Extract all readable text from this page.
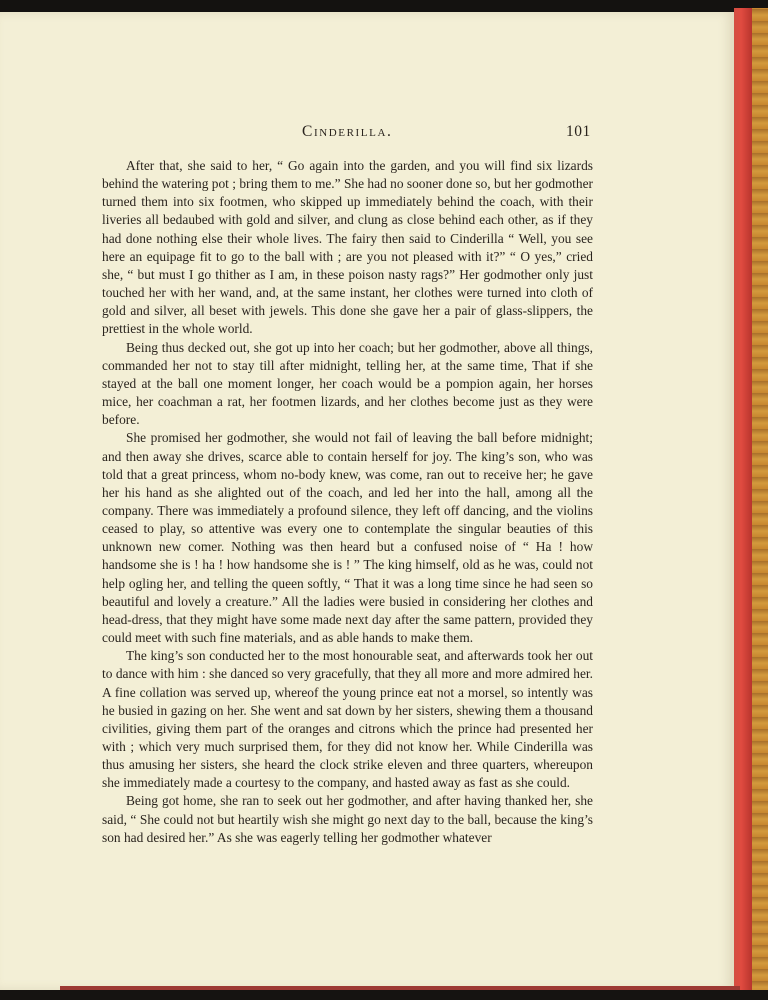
Cinderilla.	101

After that, she said to her, “ Go again into the garden, and you will find six lizards behind the watering pot ; bring them to me.” She had no sooner done so, but her godmother turned them into six footmen, who skipped up immediately behind the coach, with their liveries all bedaubed with gold and silver, and clung as close behind each other, as if they had done nothing else their whole lives. The fairy then said to Cinderilla “ Well, you see here an equipage fit to go to the ball with ; are you not pleased with it?” “ O yes,” cried she, “ but must I go thither as I am, in these poison nasty rags?” Her godmother only just touched her with her wand, and, at the same instant, her clothes were turned into cloth of gold and silver, all beset with jewels. This done she gave her a pair of glass-slippers, the prettiest in the whole world.

Being thus decked out, she got up into her coach; but her godmother, above all things, commanded her not to stay till after midnight, telling her, at the same time, That if she stayed at the ball one moment longer, her coach would be a pompion again, her horses mice, her coachman a rat, her footmen lizards, and her clothes become just as they were before.

She promised her godmother, she would not fail of leaving the ball before midnight; and then away she drives, scarce able to contain herself for joy. The king’s son, who was told that a great princess, whom no-body knew, was come, ran out to receive her; he gave her his hand as she alighted out of the coach, and led her into the hall, among all the company. There was immediately a profound silence, they left off dancing, and the violins ceased to play, so attentive was every one to contemplate the singular beauties of this unknown new comer. Nothing was then heard but a confused noise of “ Ha ! how handsome she is ! ha ! how handsome she is ! ” The king himself, old as he was, could not help ogling her, and telling the queen softly, “ That it was a long time since he had seen so beautiful and lovely a creature.” All the ladies were busied in considering her clothes and head-dress, that they might have some made next day after the same pattern, provided they could meet with such fine materials, and as able hands to make them.

The king’s son conducted her to the most honourable seat, and afterwards took her out to dance with him : she danced so very gracefully, that they all more and more admired her. A fine collation was served up, whereof the young prince eat not a morsel, so intently was he busied in gazing on her. She went and sat down by her sisters, shewing them a thousand civilities, giving them part of the oranges and citrons which the prince had presented her with ; which very much surprised them, for they did not know her. While Cinderilla was thus amusing her sisters, she heard the clock strike eleven and three quarters, whereupon she immediately made a courtesy to the company, and hasted away as fast as she could.

Being got home, she ran to seek out her godmother, and after having thanked her, she said, “ She could not but heartily wish she might go next day to the ball, because the king’s son had desired her.” As she was eagerly telling her godmother whatever
